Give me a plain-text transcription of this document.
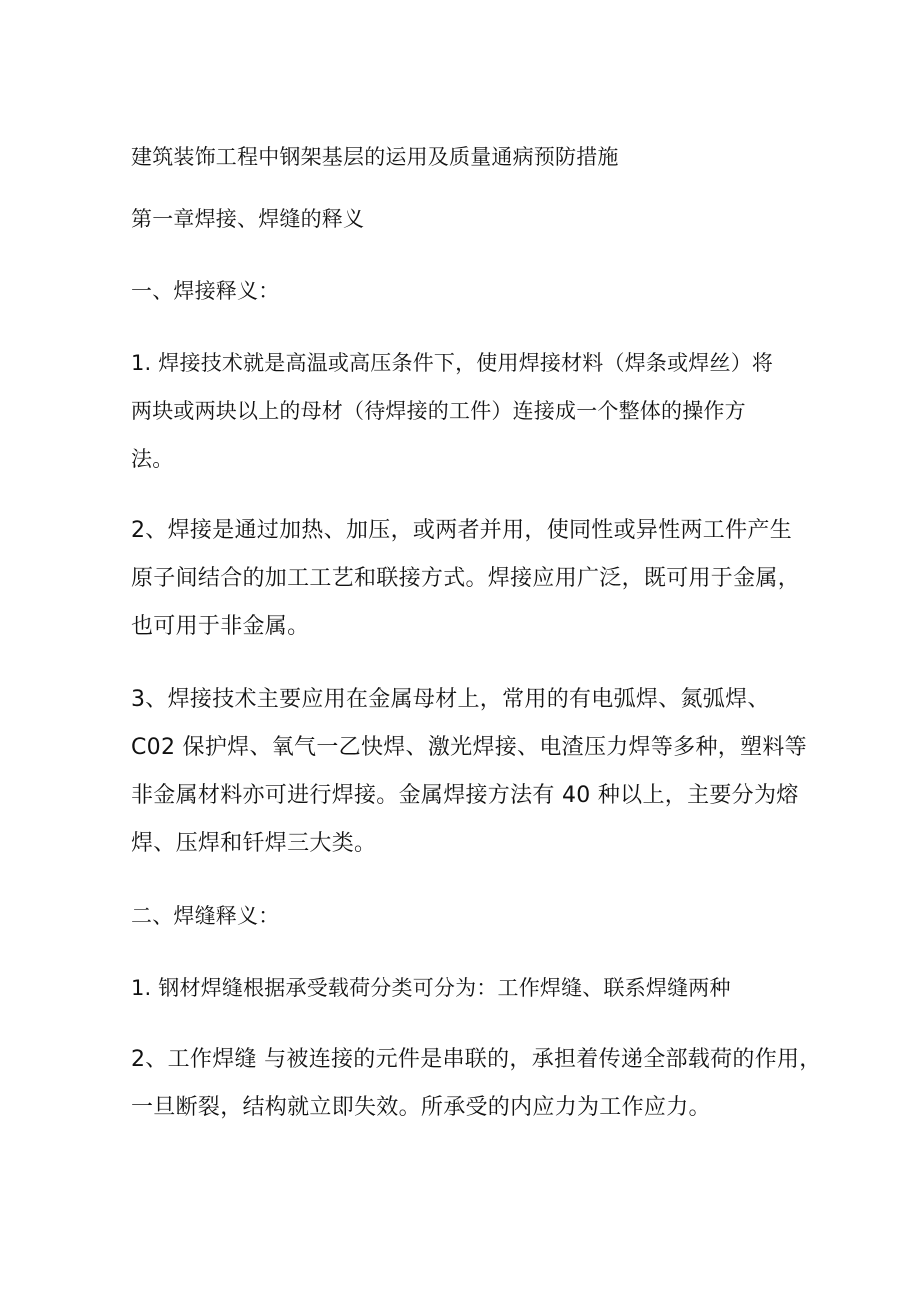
建筑装饰工程中钢架基层的运用及质量通病预防措施
第一章焊接、焊缝的释义
一、焊接释义：
1. 焊接技术就是高温或高压条件下，使用焊接材料（焊条或焊丝）将
两块或两块以上的母材（待焊接的工件）连接成一个整体的操作方
法。
2、焊接是通过加热、加压，或两者并用，使同性或异性两工件产生
原子间结合的加工工艺和联接方式。焊接应用广泛，既可用于金属，
也可用于非金属。
3、焊接技术主要应用在金属母材上，常用的有电弧焊、氮弧焊、
C02 保护焊、氧气一乙快焊、激光焊接、电渣压力焊等多种，塑料等
非金属材料亦可进行焊接。金属焊接方法有 40 种以上，主要分为熔
焊、压焊和钎焊三大类。
二、焊缝释义：
1. 钢材焊缝根据承受载荷分类可分为：工作焊缝、联系焊缝两种
2、工作焊缝 与被连接的元件是串联的，承担着传递全部载荷的作用，
一旦断裂，结构就立即失效。所承受的内应力为工作应力。
